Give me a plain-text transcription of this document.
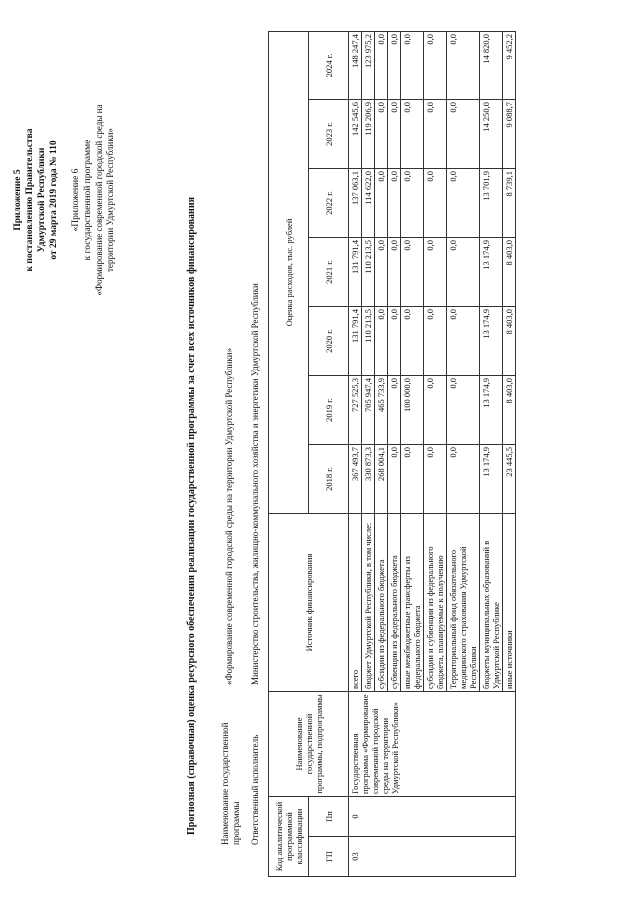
Приложение 5 к постановлению Правительства Удмуртской Республики от 29 марта 2019 года № 110 «Приложение 6 к государственной программе «Формирование современной городской среды на территории Удмуртской Республики»	Прогнозная (справочная) оценка ресурсного обеспечения реализации государственной программы за счет всех источников финансирования	Наименование государственной программы
«Формирование современной городской среды на территории Удмуртской Республики»
Ответственный исполнитель
Министерство строительства, жилищно-коммунального хозяйства и энергетики Удмуртской Республики
Код аналитической программной классификации		Наименование государственной программы, подпрограммы	Источник финансирования	Оценка расходов, тыс. рублей						
ГП	Пп			2018 г.	2019 г.	2020 г.	2021 г.	2022 г.	2023 г.	2024 г.
03	0	Государственная программа «Формирование современной городской среды на территории Удмуртской Республики»	всего	367 493,7	727 525,3	131 791,4	131 791,4	137 063,1	142 545,6	148 247,4
			бюджет Удмуртской Республики, в том числе:	330 873,3	705 947,4	110 213,5	110 213,5	114 622,0	119 206,9	123 975,2
			субсидии из федерального бюджета	268 004,1	465 733,9	0,0	0,0	0,0	0,0	0,0
			субвенции из федерального бюджета	0,0	0,0	0,0	0,0	0,0	0,0	0,0
			иные межбюджетные трансферты из федерального бюджета	0,0	100 000,0	0,0	0,0	0,0	0,0	0,0
			субсидии и субвенции из федерального бюджета, планируемые к получению	0,0	0,0	0,0	0,0	0,0	0,0	0,0
			Территориальный фонд обязательного медицинского страхования Удмуртской Республики	0,0	0,0	0,0	0,0	0,0	0,0	0,0
			бюджеты муниципальных образований в Удмуртской Республике	13 174,9	13 174,9	13 174,9	13 174,9	13 701,9	14 250,0	14 820,0
			иные источники	23 445,5	8 403,0	8 403,0	8 403,0	8 739,1	9 088,7	9 452,2
